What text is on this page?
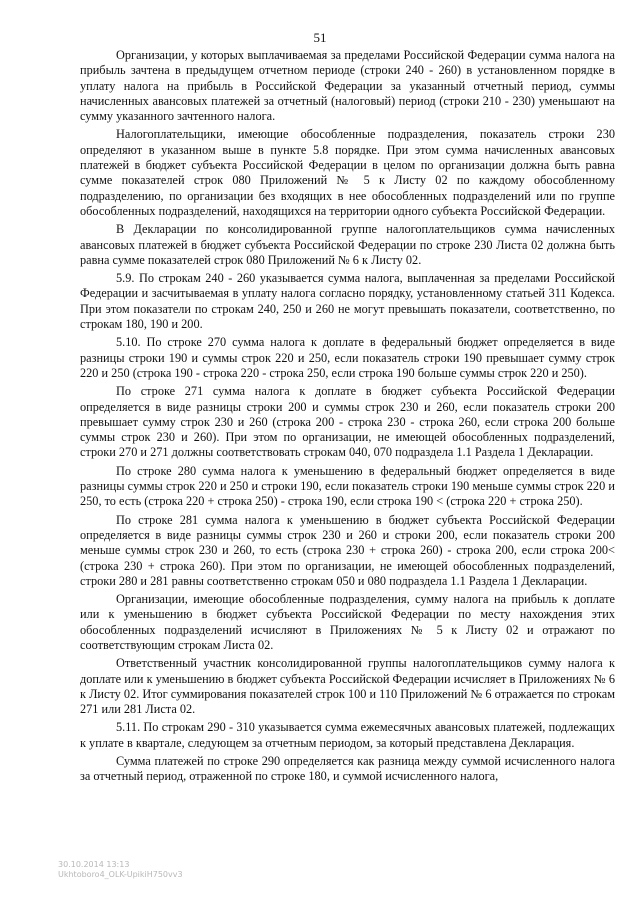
51

Организации, у которых выплачиваемая за пределами Российской Федерации сумма налога на прибыль зачтена в предыдущем отчетном периоде (строки 240 - 260) в установленном порядке в уплату налога на прибыль в Российской Федерации за указанный отчетный период, суммы начисленных авансовых платежей за отчетный (налоговый) период (строки 210 - 230) уменьшают на сумму указанного зачтенного налога.

Налогоплательщики, имеющие обособленные подразделения, показатель строки 230 определяют в указанном выше в пункте 5.8 порядке. При этом сумма начисленных авансовых платежей в бюджет субъекта Российской Федерации в целом по организации должна быть равна сумме показателей строк 080 Приложений № 5 к Листу 02 по каждому обособленному подразделению, по организации без входящих в нее обособленных подразделений или по группе обособленных подразделений, находящихся на территории одного субъекта Российской Федерации.

В Декларации по консолидированной группе налогоплательщиков сумма начисленных авансовых платежей в бюджет субъекта Российской Федерации по строке 230 Листа 02 должна быть равна сумме показателей строк 080 Приложений № 6 к Листу 02.

5.9. По строкам 240 - 260 указывается сумма налога, выплаченная за пределами Российской Федерации и засчитываемая в уплату налога согласно порядку, установленному статьей 311 Кодекса. При этом показатели по строкам 240, 250 и 260 не могут превышать показатели, соответственно, по строкам 180, 190 и 200.

5.10. По строке 270 сумма налога к доплате в федеральный бюджет определяется в виде разницы строки 190 и суммы строк 220 и 250, если показатель строки 190 превышает сумму строк 220 и 250 (строка 190 - строка 220 - строка 250, если строка 190 больше суммы строк 220 и 250).

По строке 271 сумма налога к доплате в бюджет субъекта Российской Федерации определяется в виде разницы строки 200 и суммы строк 230 и 260, если показатель строки 200 превышает сумму строк 230 и 260 (строка 200 - строка 230 - строка 260, если строка 200 больше суммы строк 230 и 260). При этом по организации, не имеющей обособленных подразделений, строки 270 и 271 должны соответствовать строкам 040, 070 подраздела 1.1 Раздела 1 Декларации.

По строке 280 сумма налога к уменьшению в федеральный бюджет определяется в виде разницы суммы строк 220 и 250 и строки 190, если показатель строки 190 меньше суммы строк 220 и 250, то есть (строка 220 + строка 250) - строка 190, если строка 190 < (строка 220 + строка 250).

По строке 281 сумма налога к уменьшению в бюджет субъекта Российской Федерации определяется в виде разницы суммы строк 230 и 260 и строки 200, если показатель строки 200 меньше суммы строк 230 и 260, то есть (строка 230 + строка 260) - строка 200, если строка 200< (строка 230 + строка 260). При этом по организации, не имеющей обособленных подразделений, строки 280 и 281 равны соответственно строкам 050 и 080 подраздела 1.1 Раздела 1 Декларации.

Организации, имеющие обособленные подразделения, сумму налога на прибыль к доплате или к уменьшению в бюджет субъекта Российской Федерации по месту нахождения этих обособленных подразделений исчисляют в Приложениях № 5 к Листу 02 и отражают по соответствующим строкам Листа 02.

Ответственный участник консолидированной группы налогоплательщиков сумму налога к доплате или к уменьшению в бюджет субъекта Российской Федерации исчисляет в Приложениях № 6 к Листу 02. Итог суммирования показателей строк 100 и 110 Приложений № 6 отражается по строкам 271 или 281 Листа 02.

5.11. По строкам 290 - 310 указывается сумма ежемесячных авансовых платежей, подлежащих к уплате в квартале, следующем за отчетным периодом, за который представлена Декларация.

Сумма платежей по строке 290 определяется как разница между суммой исчисленного налога за отчетный период, отраженной по строке 180, и суммой исчисленного налога,

30.10.2014 13:13
Ukhtoboro4_OLK-UpikiH750vv3
